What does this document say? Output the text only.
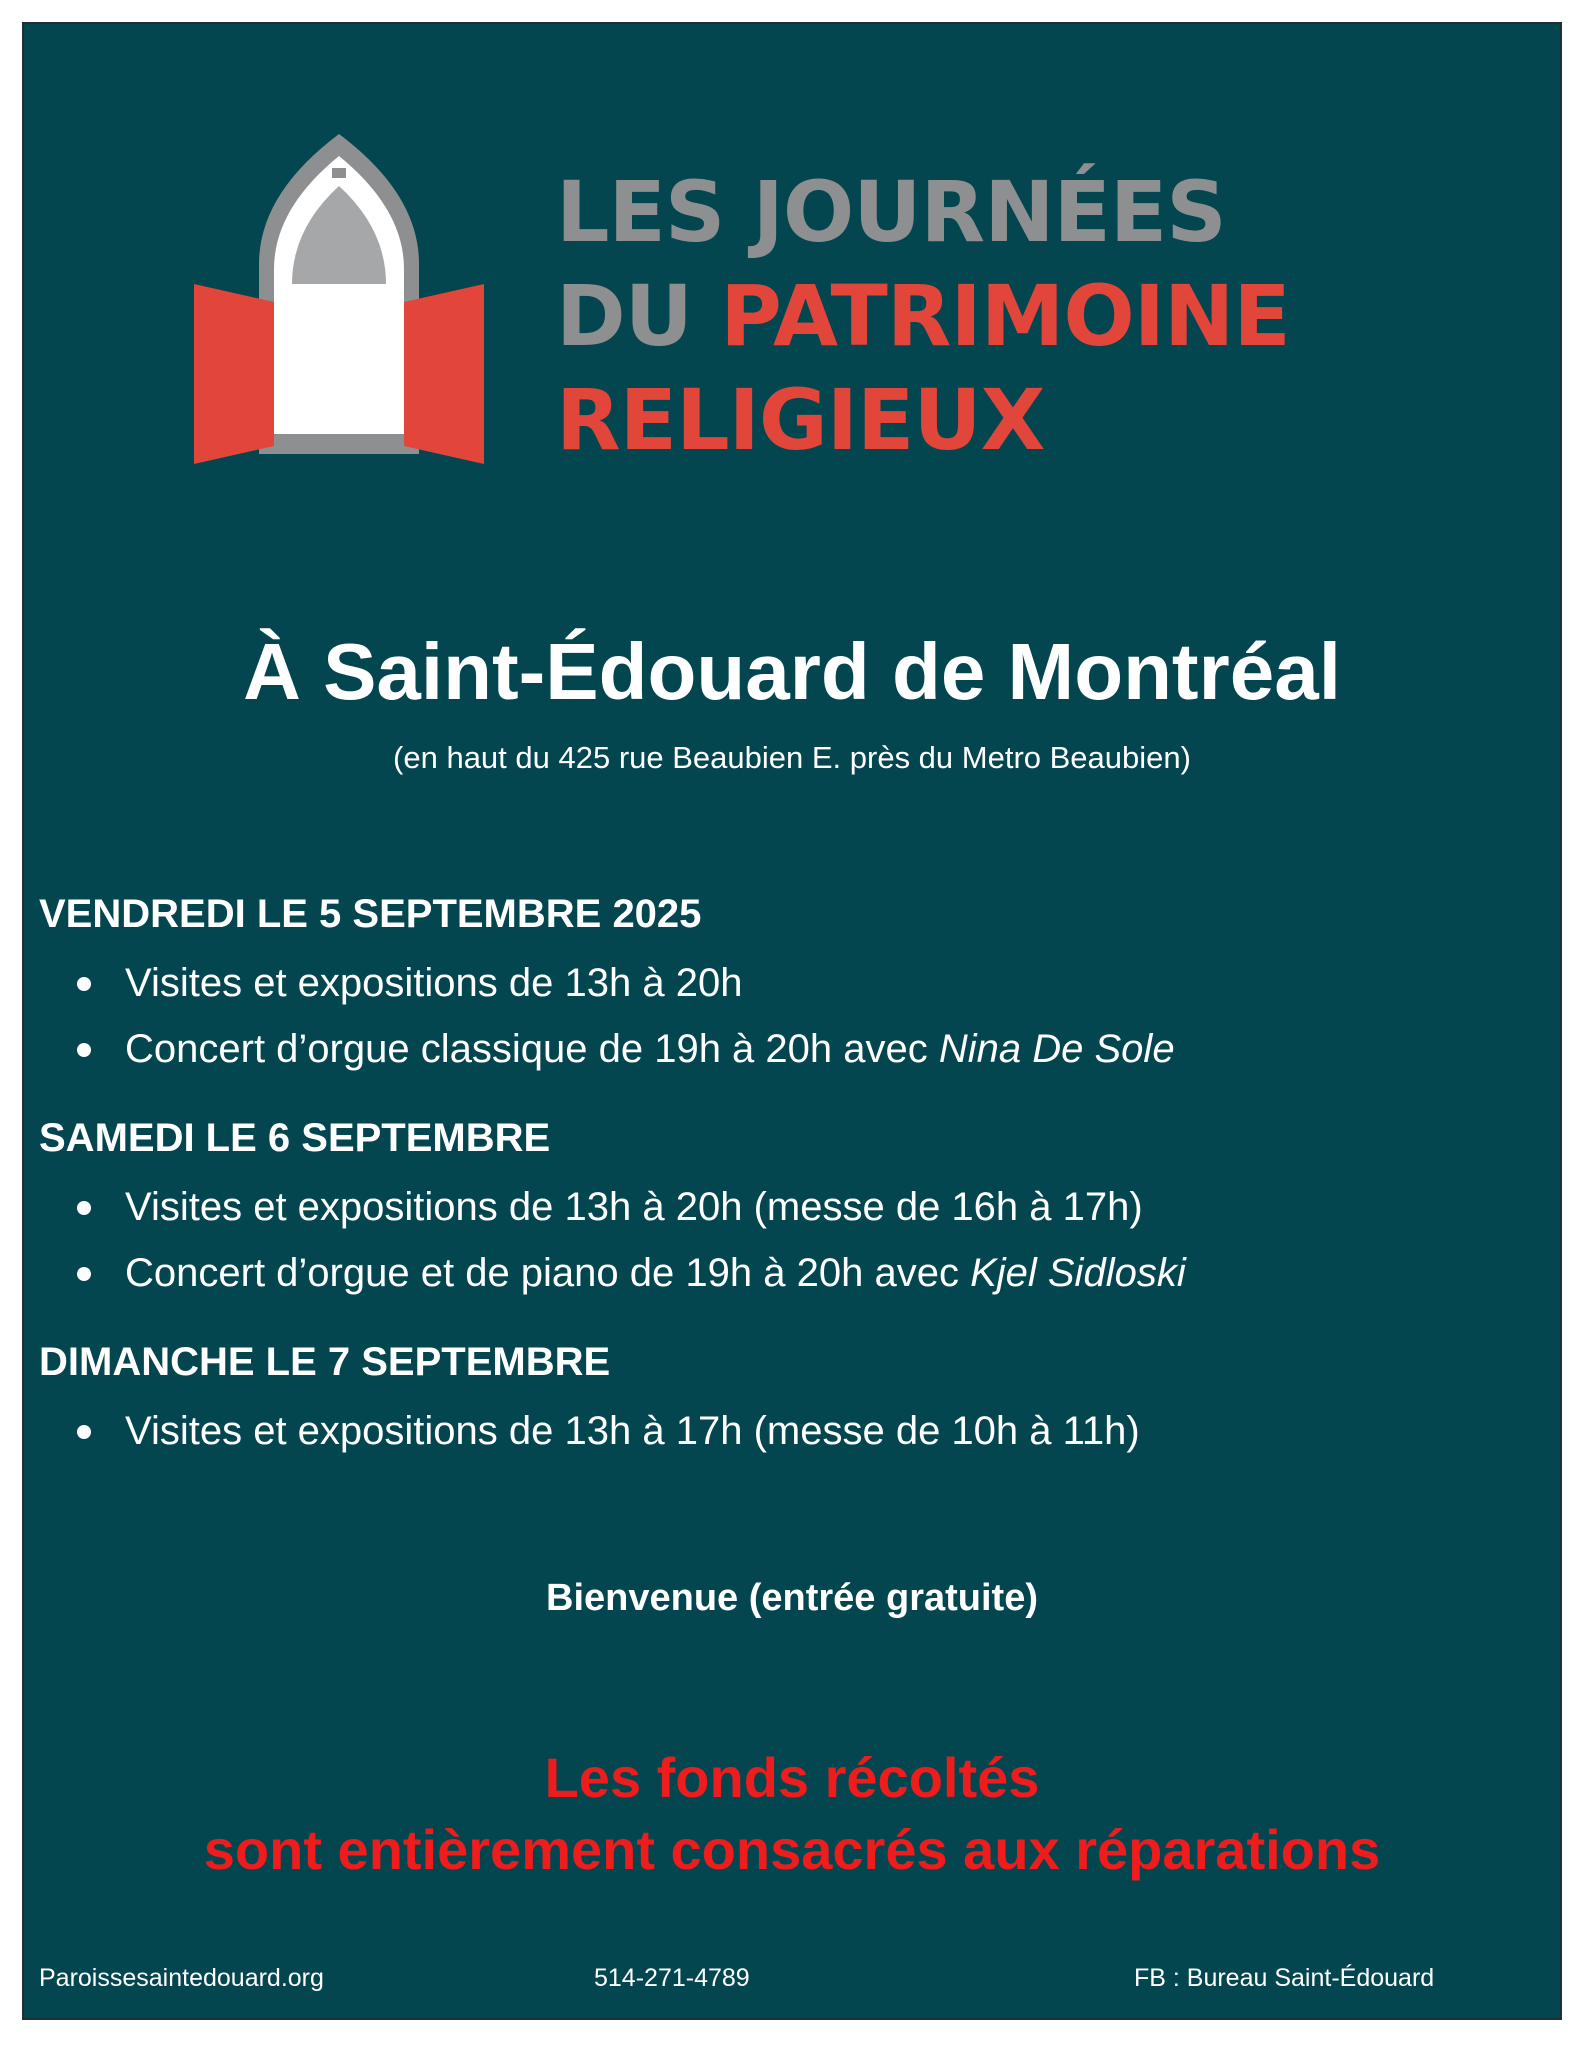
LES JOURNÉES
DU PATRIMOINE
RELIGIEUX
À Saint-Édouard de Montréal
(en haut du 425 rue Beaubien E. près du Metro Beaubien)
VENDREDI LE 5 SEPTEMBRE 2025
Visites et expositions de 13h à 20h
Concert d’orgue classique de 19h à 20h avec Nina De Sole
SAMEDI LE 6 SEPTEMBRE
Visites et expositions de 13h à 20h (messe de 16h à 17h)
Concert d’orgue et de piano de 19h à 20h avec Kjel Sidloski
DIMANCHE LE 7 SEPTEMBRE
Visites et expositions de 13h à 17h (messe de 10h à 11h)
Bienvenue (entrée gratuite)
Les fonds récoltés
sont entièrement consacrés aux réparations
Paroissesaintedouard.org	514-271-4789	FB : Bureau Saint-Édouard
